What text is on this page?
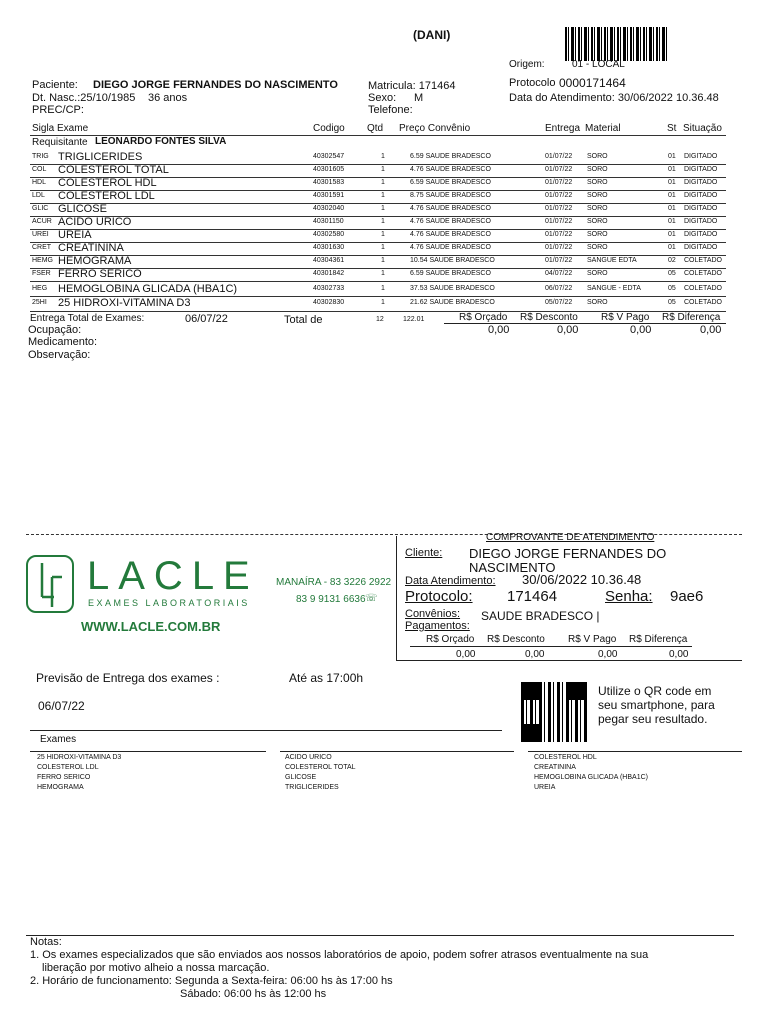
(DANI)
Origem:	01 - LOCAL
Paciente: DIEGO JORGE FERNANDES DO NASCIMENTO	Matricula: 171464	Protocolo 0000171464
Dt. Nasc.:25/10/1985 36 anos	Sexo: M	Data do Atendimento: 30/06/2022 10.36.48
PREC/CP:	Telefone:
Sigla Exame	Codigo Qtd Preço Convênio	Entrega Material	St Situação
Requisitante LEONARDO FONTES SILVA
TRIG TRIGLICERIDES	40302547	1	6.59 SAUDE BRADESCO	01/07/22 SORO	01 DIGITADO
COL COLESTEROL TOTAL	40301605	1	4.76 SAUDE BRADESCO	01/07/22 SORO	01 DIGITADO
HDL COLESTEROL HDL	40301583	1	6.59 SAUDE BRADESCO	01/07/22 SORO	01 DIGITADO
LDL COLESTEROL LDL	40301591	1	8.75 SAUDE BRADESCO	01/07/22 SORO	01 DIGITADO
GLIC GLICOSE	40302040	1	4.76 SAUDE BRADESCO	01/07/22 SORO	01 DIGITADO
ACUR ACIDO URICO	40301150	1	4.76 SAUDE BRADESCO	01/07/22 SORO	01 DIGITADO
UREI UREIA	40302580	1	4.76 SAUDE BRADESCO	01/07/22 SORO	01 DIGITADO
CRET CREATININA	40301630	1	4.76 SAUDE BRADESCO	01/07/22 SORO	01 DIGITADO
HEMG HEMOGRAMA	40304361	1	10.54 SAUDE BRADESCO	01/07/22 SANGUE EDTA	02 COLETADO
FSER FERRO SERICO	40301842	1	6.59 SAUDE BRADESCO	04/07/22 SORO	05 COLETADO
HEG HEMOGLOBINA GLICADA (HBA1C)	40302733	1	37.53 SAUDE BRADESCO	06/07/22 SANGUE - EDTA	05 COLETADO
25HI 25 HIDROXI-VITAMINA D3	40302830	1	21.62 SAUDE BRADESCO	05/07/22 SORO	05 COLETADO
Entrega Total de Exames:	06/07/22	Total de	12	122.01	R$ Orçado R$ Desconto R$ V Pago R$ Diferença
0,00	0,00	0,00	0,00
Ocupação:
Medicamento:
Observação:
LACLE
EXAMES LABORATORIAIS
WWW.LACLE.COM.BR
MANAÍRA - 83 3226 2922
83 9 9131 6636 ☏
COMPROVANTE DE ATENDIMENTO
Cliente: DIEGO JORGE FERNANDES DO
NASCIMENTO
Data Atendimento: 30/06/2022 10.36.48
Protocolo: 171464	Senha: 9ae6
Convênios: SAUDE BRADESCO |
Pagamentos:
R$ Orçado R$ Desconto R$ V Pago R$ Diferença
0,00	0,00	0,00	0,00
Previsão de Entrega dos exames :	Até as 17:00h
06/07/22
Utilize o QR code em
seu smartphone, para
pegar seu resultado.
Exames
25 HIDROXI-VITAMINA D3
COLESTEROL LDL
FERRO SERICO
HEMOGRAMA
ACIDO URICO
COLESTEROL TOTAL
GLICOSE
TRIGLICERIDES
COLESTEROL HDL
CREATININA
HEMOGLOBINA GLICADA (HBA1C)
UREIA
Notas:
1. Os exames especializados que são enviados aos nossos laboratórios de apoio, podem sofrer atrasos eventualmente na sua
liberação por motivo alheio a nossa marcação.
2. Horário de funcionamento: Segunda a Sexta-feira: 06:00 hs às 17:00 hs
Sábado: 06:00 hs às 12:00 hs
